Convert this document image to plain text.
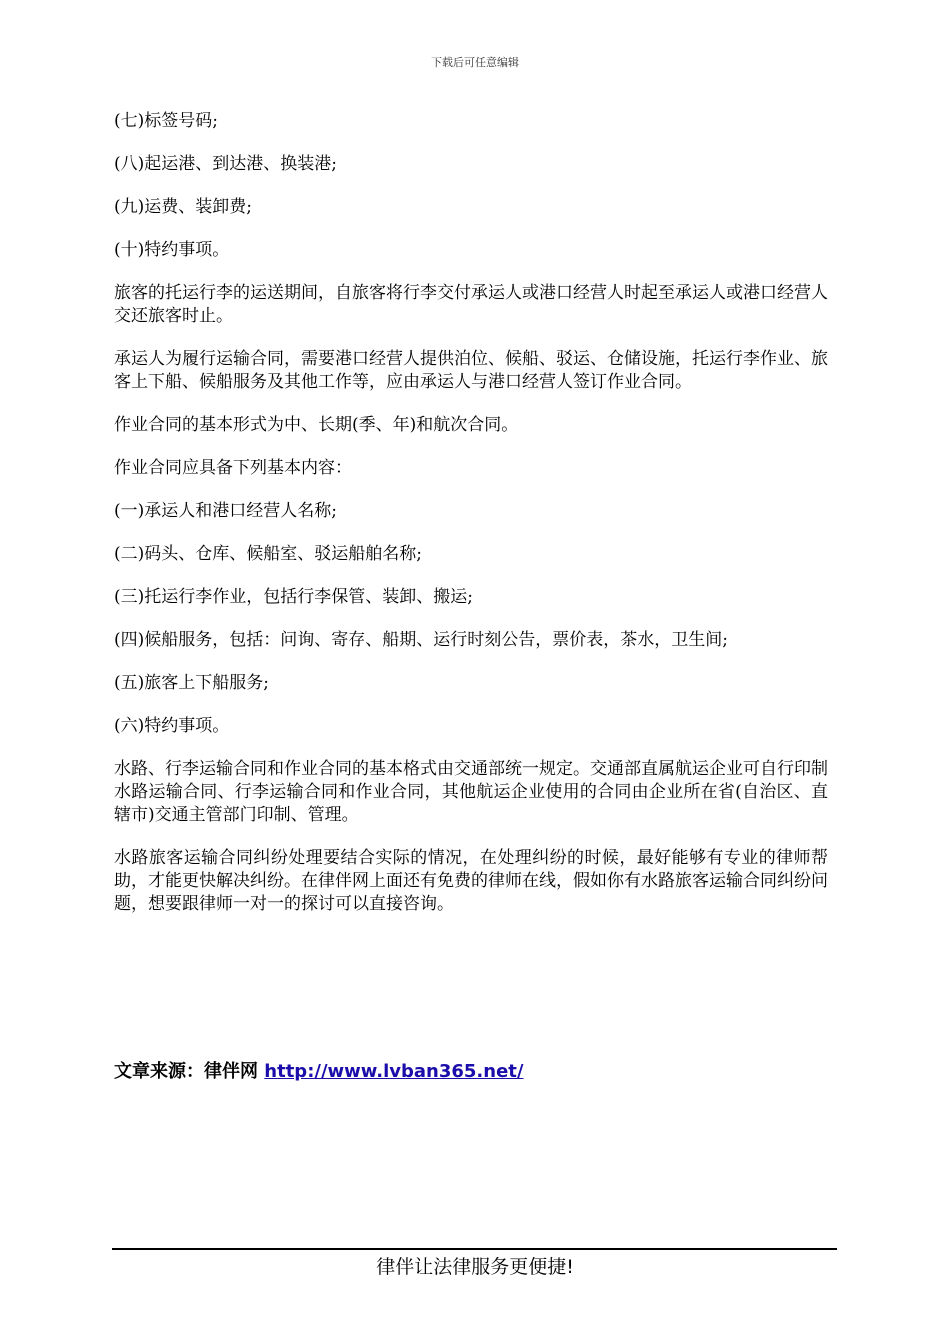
下载后可任意编辑

(七)标签号码;

(八)起运港、到达港、换装港;

(九)运费、装卸费;

(十)特约事项。

旅客的托运行李的运送期间，自旅客将行李交付承运人或港口经营人时起至承运人或港口经营人交还旅客时止。

承运人为履行运输合同，需要港口经营人提供泊位、候船、驳运、仓储设施，托运行李作业、旅客上下船、候船服务及其他工作等，应由承运人与港口经营人签订作业合同。

作业合同的基本形式为中、长期(季、年)和航次合同。

作业合同应具备下列基本内容：

(一)承运人和港口经营人名称;

(二)码头、仓库、候船室、驳运船舶名称;

(三)托运行李作业，包括行李保管、装卸、搬运;

(四)候船服务，包括：问询、寄存、船期、运行时刻公告，票价表，茶水，卫生间;

(五)旅客上下船服务;

(六)特约事项。

水路、行李运输合同和作业合同的基本格式由交通部统一规定。交通部直属航运企业可自行印制水路运输合同、行李运输合同和作业合同，其他航运企业使用的合同由企业所在省(自治区、直辖市)交通主管部门印制、管理。

水路旅客运输合同纠纷处理要结合实际的情况，在处理纠纷的时候，最好能够有专业的律师帮助，才能更快解决纠纷。在律伴网上面还有免费的律师在线，假如你有水路旅客运输合同纠纷问题，想要跟律师一对一的探讨可以直接咨询。

文章来源：律伴网 http://www.lvban365.net/
律伴让法律服务更便捷!
